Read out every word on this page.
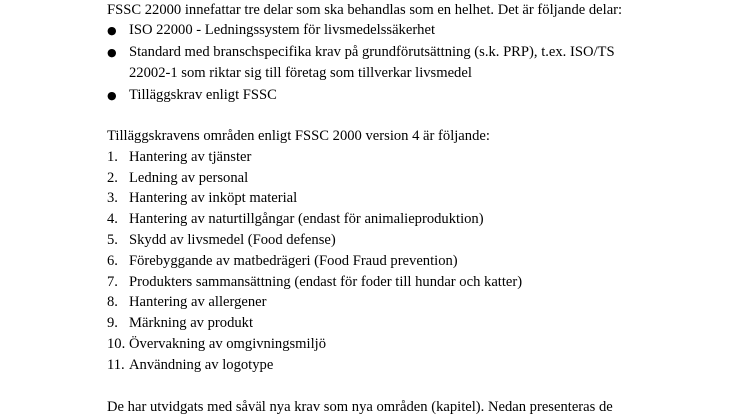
FSSC 22000 innefattar tre delar som ska behandlas som en helhet. Det är följande delar:
● ISO 22000 - Ledningssystem för livsmedelssäkerhet
● Standard med branschspecifika krav på grundförutsättning (s.k. PRP), t.ex. ISO/TS
22002-1 som riktar sig till företag som tillverkar livsmedel
● Tilläggskrav enligt FSSC
Tilläggskravens områden enligt FSSC 2000 version 4 är följande:
1. Hantering av tjänster
2. Ledning av personal
3. Hantering av inköpt material
4. Hantering av naturtillgångar (endast för animalieproduktion)
5. Skydd av livsmedel (Food defense)
6. Förebyggande av matbedrägeri (Food Fraud prevention)
7. Produkters sammansättning (endast för foder till hundar och katter)
8. Hantering av allergener
9. Märkning av produkt
10. Övervakning av omgivningsmiljö
11. Användning av logotype
De har utvidgats med såväl nya krav som nya områden (kapitel). Nedan presenteras de
